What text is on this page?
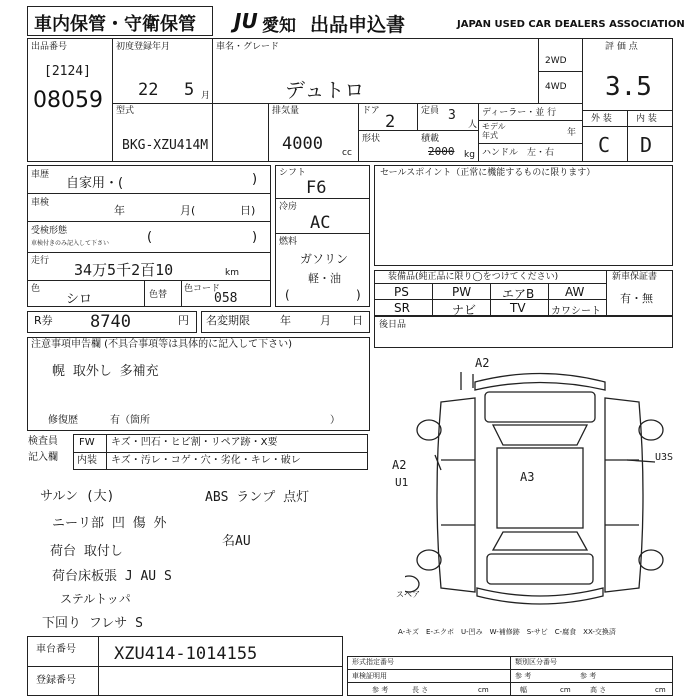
車内保管・守衛保管 JU 愛知 出品申込書	JAPAN USED CAR DEALERS ASSOCIATION
出品番号
[2124]
08059
初度登録年月
22 5 月
車名・グレード
デュトロ
2WD
4WD
評 価 点
3.5
外 装	内 装
C D
型式
BKG-XZU414M
排気量
4000 cc
ドア
2
定員 3
人
形状	積載
2000 kg
ディーラー・並 行
モデル 年式	年
ハンドル　左・右
車歴
自家用・(	)
車検
年	月(	日)
受検形態
車検付きのみ記入して下さい	(	)
走行 34万5千2百10	km
色
シロ	色替
色コード
058
シフト
F6
冷房
AC
燃料
ガソリン
軽・油
(	)
セールスポイント（正常に機能するものに限ります）
装備品(純正品に限り◯をつけてください)
PS	PW	エアB	AW
SR	ナビ	TV	カワシート
新車保証書
有・無
R券 8740	円 名変期限	年	月 日 後日品
注意事項申告欄 (不具合事項等は具体的に記入して下さい)
幌 取外し 多補充
修復歴	有（箇所	）
検査員
記入欄
FW キズ・凹石・ヒビ割・リペア跡・X要
内装 キズ・汚レ・コゲ・穴・劣化・キレ・破レ
サルン (大)	ABS ランプ 点灯
ニーリ部 凹 傷 外
名AU
荷台 取付し
荷台床板張 J AU S
ステルトッパ
下回り フレサ S
A2
A2
U1	A3
U3S
スペア
A-キズ　E-エクボ　U-凹み　W-補修跡　S-サビ　C-腐食　XX-交換済
車台番号 XZU414-1014155
登録番号
形式指定番号	類別区分番号
車検証明用
参 考	長 さ	cm
参 考
幅	cm
参 考
高 さ	cm
